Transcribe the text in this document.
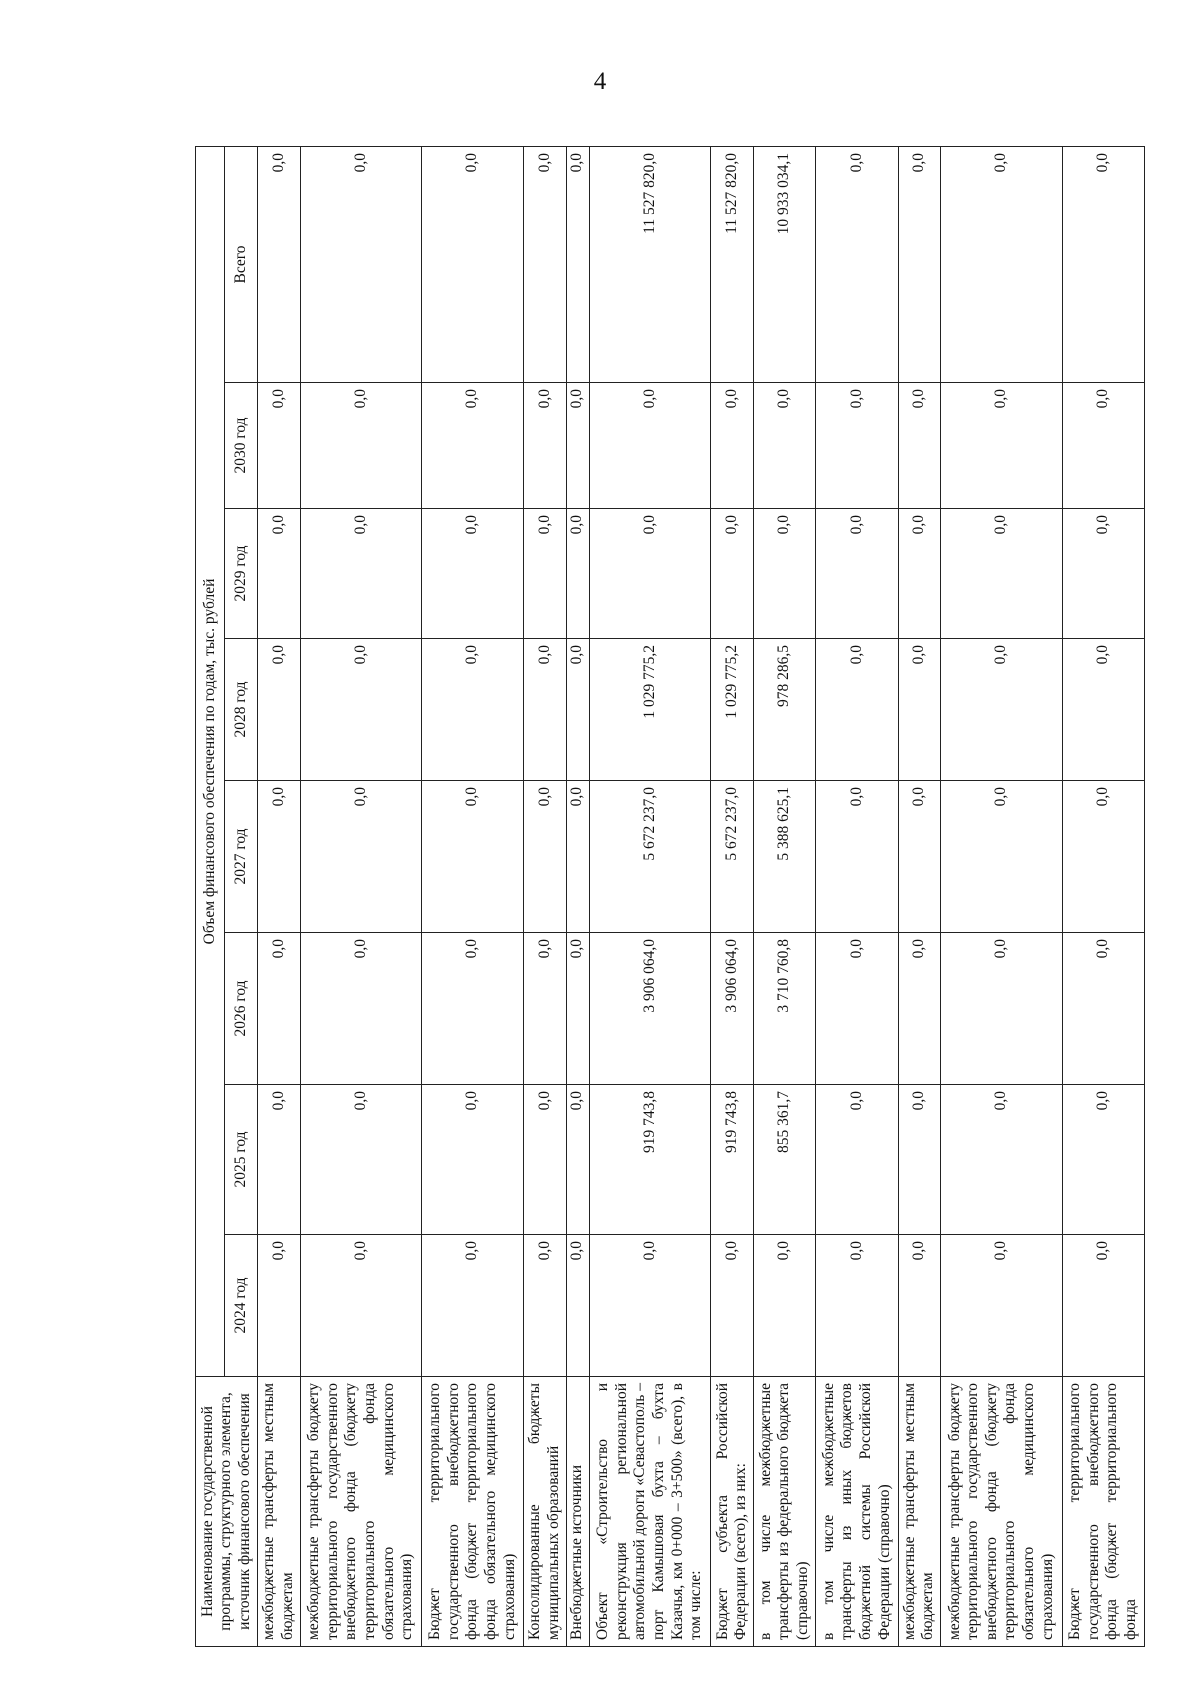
4
Наименование государственной программы, структурного элемента, источник финансового обеспечения	Объем финансового обеспечения по годам, тыс. рублей							
	2024 год	2025 год	2026 год	2027 год	2028 год	2029 год	2030 год	Всего
межбюджетные трансферты местным бюджетам	0,0	0,0	0,0	0,0	0,0	0,0	0,0	0,0
межбюджетные трансферты бюджету территориального государственного внебюджетного фонда (бюджету территориального фонда обязательного медицинского страхования)	0,0	0,0	0,0	0,0	0,0	0,0	0,0	0,0
Бюджет территориального государственного внебюджетного фонда (бюджет территориального фонда обязательного медицинского страхования)	0,0	0,0	0,0	0,0	0,0	0,0	0,0	0,0
Консолидированные бюджеты муниципальных образований	0,0	0,0	0,0	0,0	0,0	0,0	0,0	0,0
Внебюджетные источники	0,0	0,0	0,0	0,0	0,0	0,0	0,0	0,0
Объект «Строительство и реконструкция региональной автомобильной дороги «Севастополь – порт Камышовая бухта – бухта Казачья, км 0+000 – 3+500» (всего), в том числе:	0,0	919 743,8	3 906 064,0	5 672 237,0	1 029 775,2	0,0	0,0	11 527 820,0
Бюджет субъекта Российской Федерации (всего), из них:	0,0	919 743,8	3 906 064,0	5 672 237,0	1 029 775,2	0,0	0,0	11 527 820,0
в том числе межбюджетные трансферты из федерального бюджета (справочно)	0,0	855 361,7	3 710 760,8	5 388 625,1	978 286,5	0,0	0,0	10 933 034,1
в том числе межбюджетные трансферты из иных бюджетов бюджетной системы Российской Федерации (справочно)	0,0	0,0	0,0	0,0	0,0	0,0	0,0	0,0
межбюджетные трансферты местным бюджетам	0,0	0,0	0,0	0,0	0,0	0,0	0,0	0,0
межбюджетные трансферты бюджету территориального государственного внебюджетного фонда (бюджету территориального фонда обязательного медицинского страхования)	0,0	0,0	0,0	0,0	0,0	0,0	0,0	0,0
Бюджет территориального государственного внебюджетного фонда (бюджет территориального фонда	0,0	0,0	0,0	0,0	0,0	0,0	0,0	0,0
